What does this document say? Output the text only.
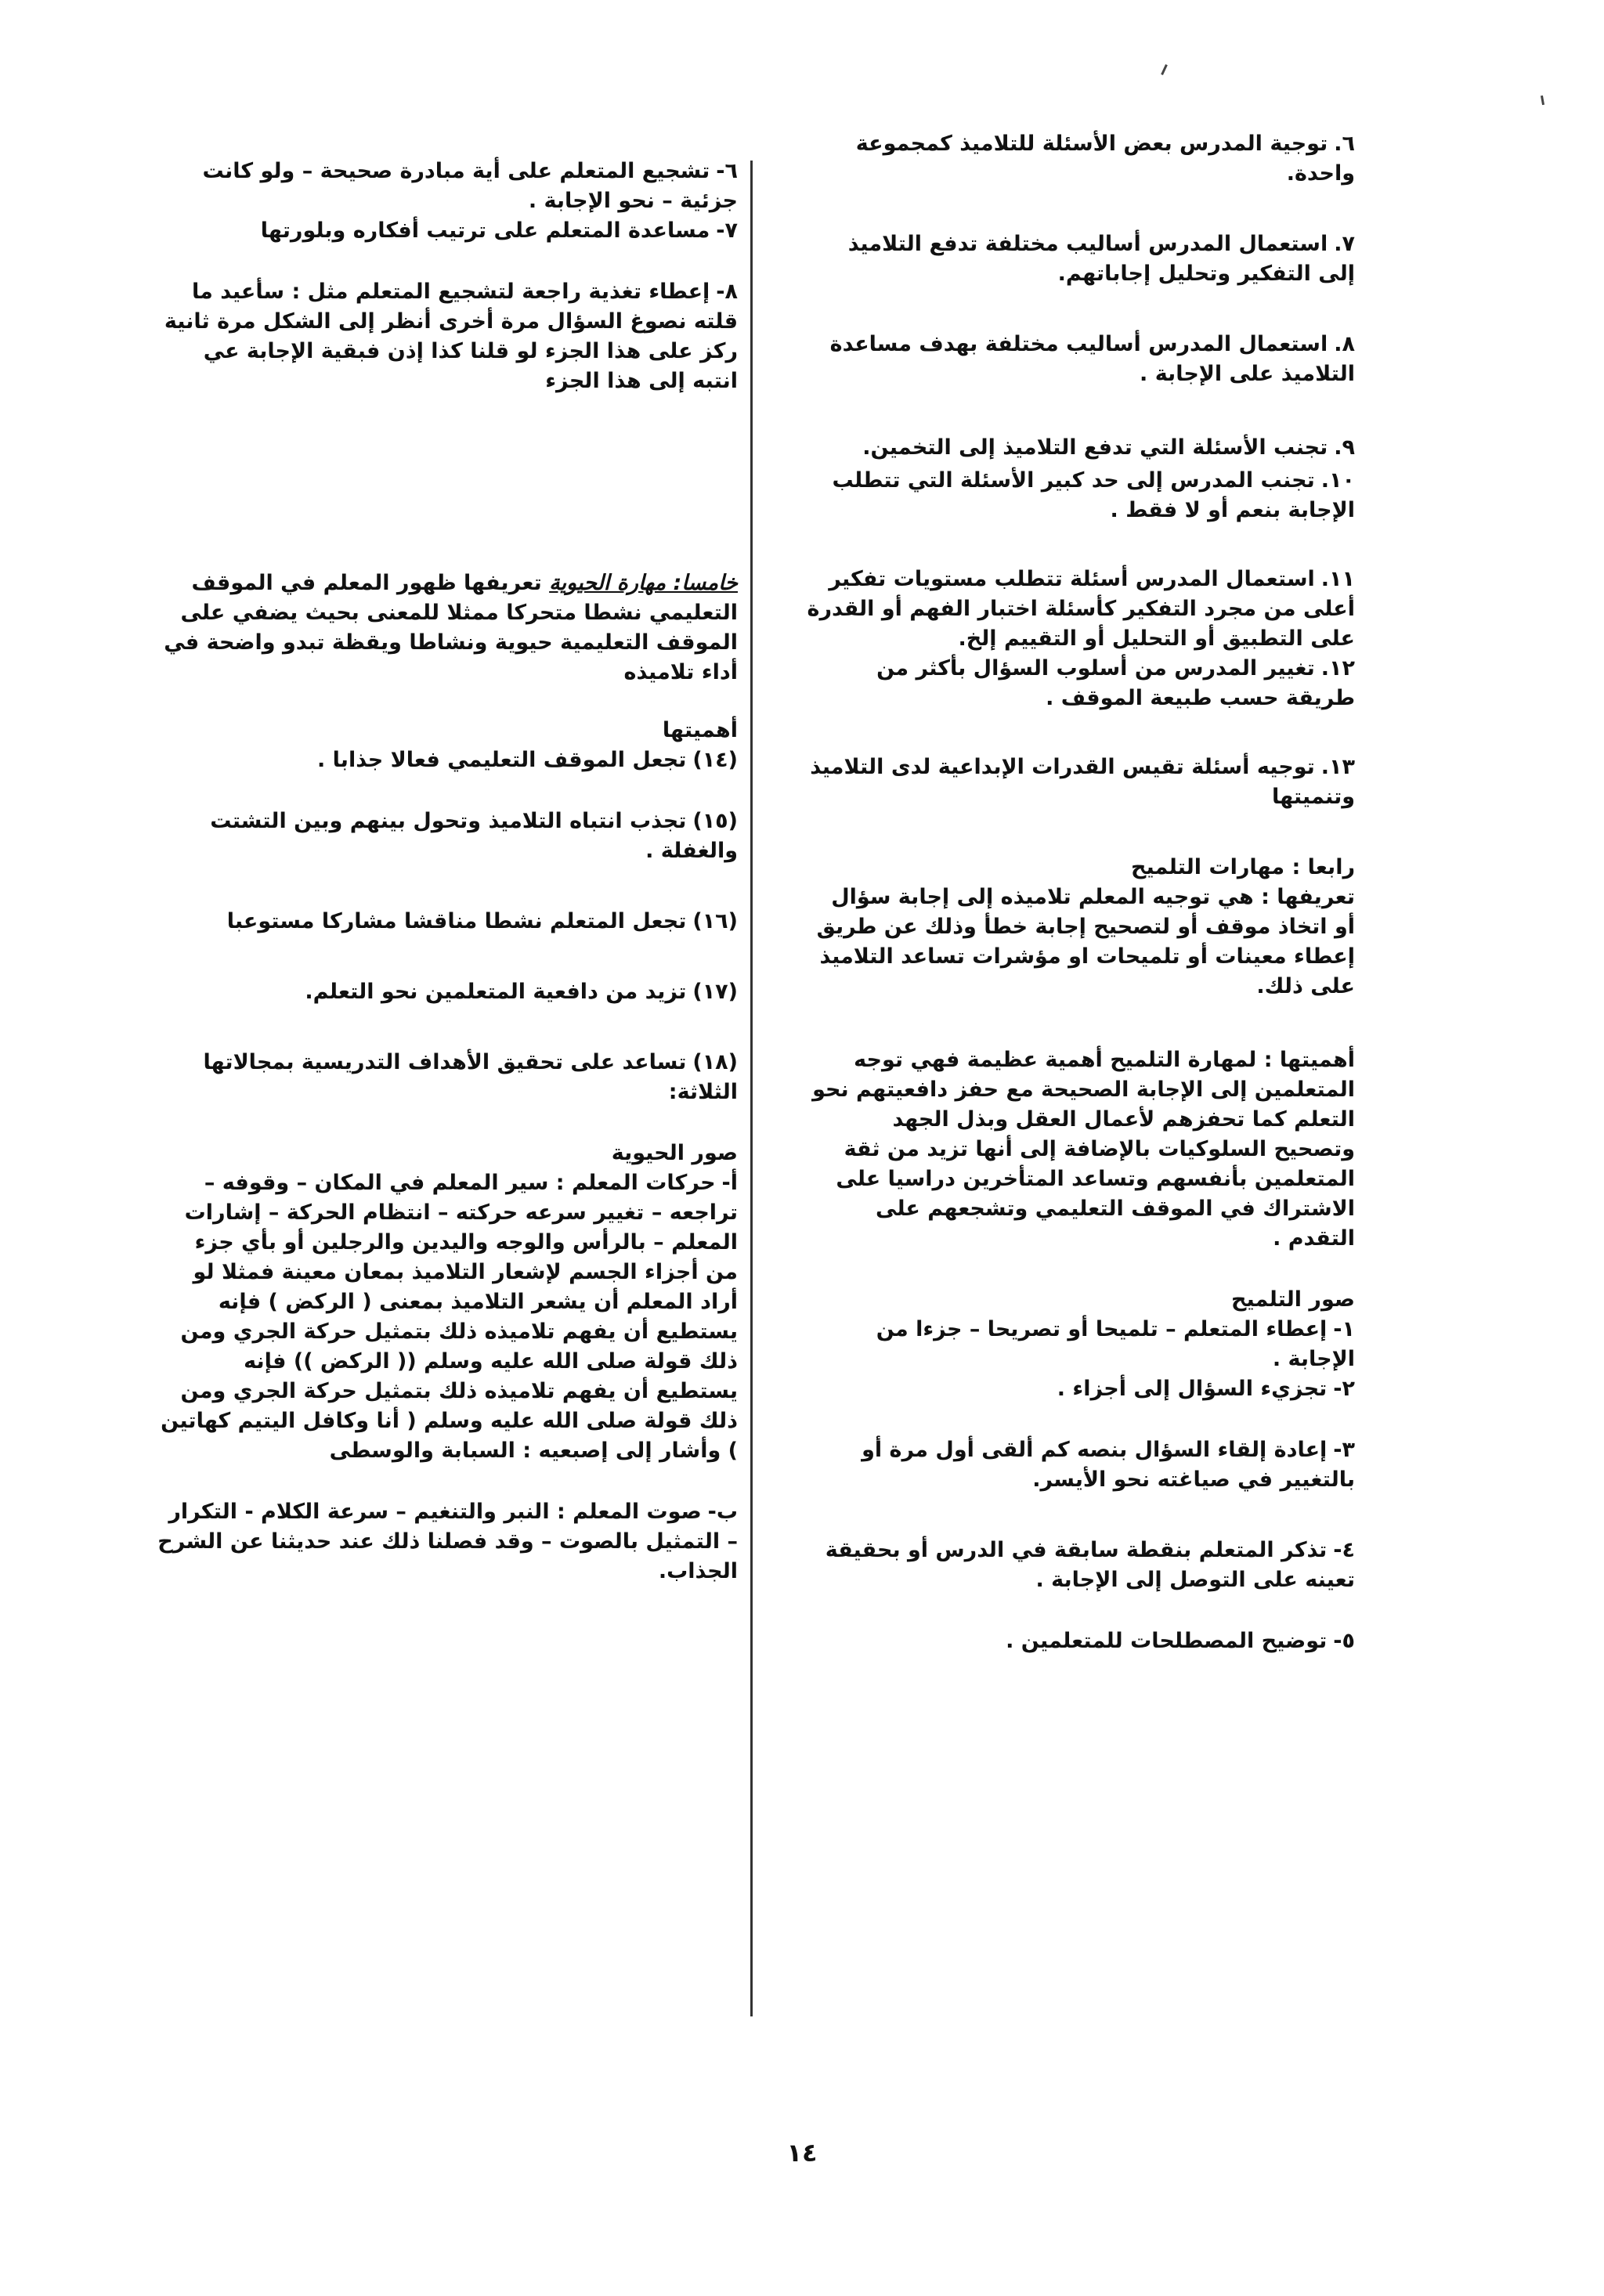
٦.توجية المدرس بعض الأسئلة للتلاميذ كمجموعة واحدة.

٧.استعمال المدرس أساليب مختلفة تدفع التلاميذ إلى التفكير وتحليل إجاباتهم.

٨.استعمال المدرس أساليب مختلفة بهدف مساعدة التلاميذ على الإجابة .

٩.تجنب الأسئلة التي تدفع التلاميذ إلى التخمين.

١٠.تجنب المدرس إلى حد كبير الأسئلة التي تتطلب الإجابة بنعم أو لا فقط .

١١.استعمال المدرس أسئلة تتطلب مستويات تفكير أعلى من مجرد التفكير كأسئلة اختبار الفهم أو القدرة على التطبيق أو التحليل أو التقييم إلخ.

١٢.تغيير المدرس من أسلوب السؤال بأكثر من طريقة حسب طبيعة الموقف .

١٣.توجيه أسئلة تقيس القدرات الإبداعية لدى التلاميذ وتنميتها

رابعا : مهارات التلميح

تعريفها : هي توجيه المعلم تلاميذه إلى إجابة سؤال أو اتخاذ موقف أو لتصحيح إجابة خطأ وذلك عن طريق إعطاء معينات أو تلميحات او مؤشرات تساعد التلاميذ على ذلك.

أهميتها : لمهارة التلميح أهمية عظيمة فهي توجه المتعلمين إلى الإجابة الصحيحة مع حفز دافعيتهم نحو التعلم كما تحفزهم لأعمال العقل وبذل الجهد وتصحيح السلوكيات بالإضافة إلى أنها تزيد من ثقة المتعلمين بأنفسهم وتساعد المتأخرين دراسيا على الاشتراك في الموقف التعليمي وتشجعهم على التقدم .

صور التلميح

١-إعطاء المتعلم – تلميحا أو تصريحا – جزءا من الإجابة .

٢-تجزيء السؤال إلى أجزاء .

٣-إعادة إلقاء السؤال بنصه كم ألقى أول مرة أو بالتغيير في صياغته نحو الأيسر.

٤-تذكر المتعلم بنقطة سابقة في الدرس أو بحقيقة تعينه على التوصل إلى الإجابة .

٥-توضيح المصطلحات للمتعلمين .

٦-تشجيع المتعلم على أية مبادرة صحيحة – ولو كانت جزئية – نحو الإجابة .

٧-مساعدة المتعلم على ترتيب أفكاره وبلورتها

٨-إعطاء تغذية راجعة لتشجيع المتعلم مثل : سأعيد ما قلته نصوغ السؤال مرة أخرى أنظر إلى الشكل مرة ثانية ركز على هذا الجزء لو قلنا كذا إذن فبقية الإجابة عي انتبه إلى هذا الجزء

خامسا: مهارة الحيوية تعريفها ظهور المعلم في الموقف التعليمي نشطا متحركا ممثلا للمعنى بحيث يضفي على الموقف التعليمية حيوية ونشاطا ويقظة تبدو واضحة في أداء تلاميذه

أهميتها

(١٤)تجعل الموقف التعليمي فعالا جذابا .

(١٥)تجذب انتباه التلاميذ وتحول بينهم وبين التشتت والغفلة .

(١٦)تجعل المتعلم نشطا مناقشا مشاركا مستوعبا

(١٧)تزيد من دافعية المتعلمين نحو التعلم.

(١٨)تساعد على تحقيق الأهداف التدريسية بمجالاتها الثلاثة:

صور الحيوية

أ-حركات المعلم : سير المعلم في المكان – وقوفه – تراجعه – تغيير سرعه حركته – انتظام الحركة – إشارات المعلم – بالرأس والوجه واليدين والرجلين أو بأي جزء من أجزاء الجسم لإشعار التلاميذ بمعان معينة فمثلا لو أراد المعلم أن يشعر التلاميذ بمعنى ( الركض ) فإنه يستطيع أن يفهم تلاميذه ذلك بتمثيل حركة الجري ومن ذلك قولة صلى الله عليه وسلم (( الركض )) فإنه يستطيع أن يفهم تلاميذه ذلك بتمثيل حركة الجري ومن ذلك قولة صلى الله عليه وسلم ( أنا وكافل اليتيم كهاتين ) وأشار إلى إصبعيه : السبابة والوسطى

ب-صوت المعلم : النبر والتنغيم – سرعة الكلام - التكرار – التمثيل بالصوت – وقد فصلنا ذلك عند حديثنا عن الشرح الجذاب.

١٤
